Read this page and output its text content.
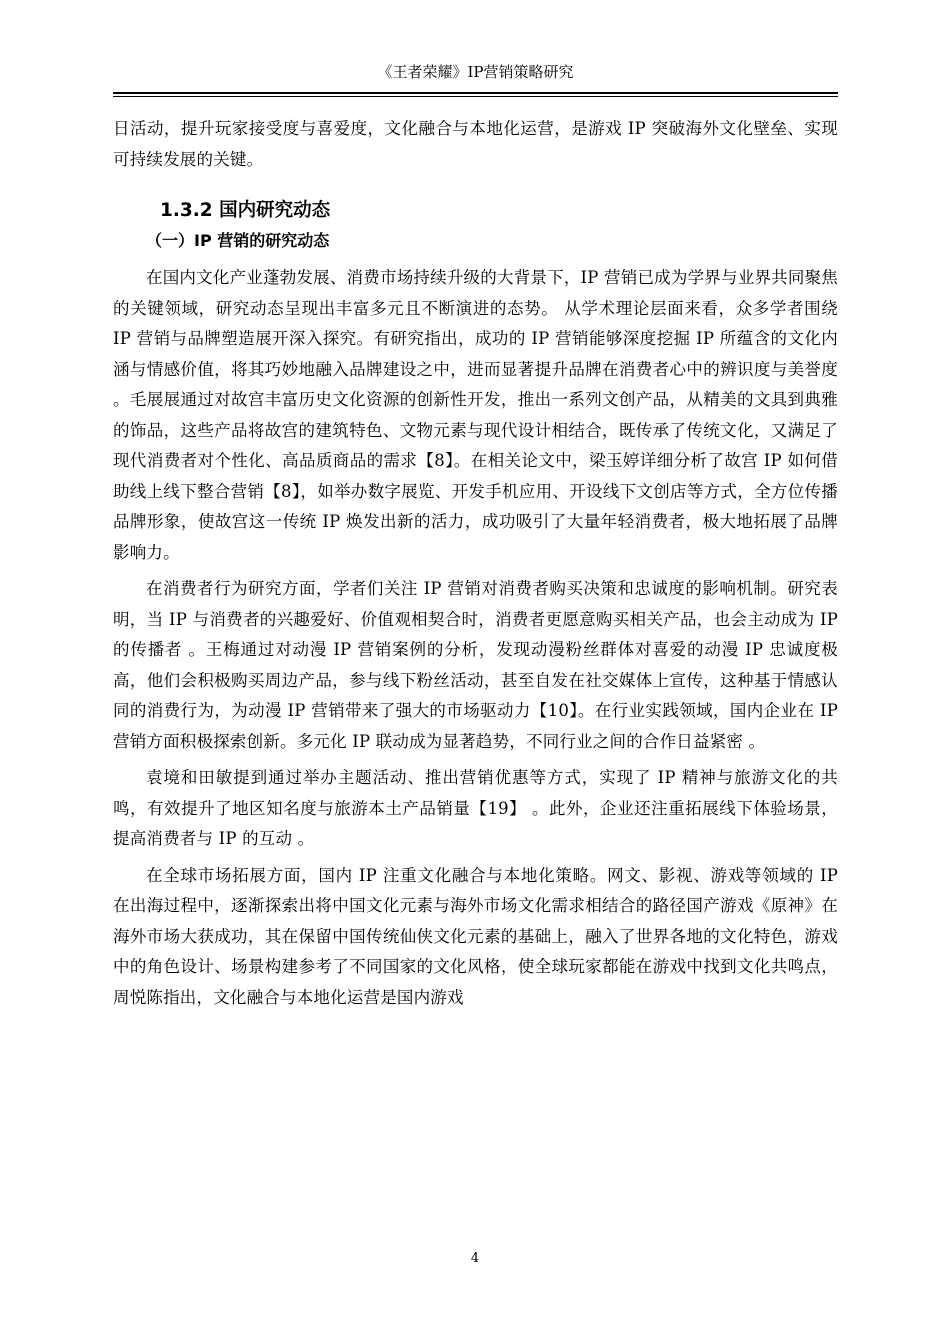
《王者荣耀》IP营销策略研究

日活动，提升玩家接受度与喜爱度，文化融合与本地化运营，是游戏 IP 突破海外文化壁垒、实现可持续发展的关键。

1.3.2 国内研究动态
（一）IP 营销的研究动态

在国内文化产业蓬勃发展、消费市场持续升级的大背景下，IP 营销已成为学界与业界共同聚焦的关键领域，研究动态呈现出丰富多元且不断演进的态势。 从学术理论层面来看，众多学者围绕 IP 营销与品牌塑造展开深入探究。有研究指出，成功的 IP 营销能够深度挖掘 IP 所蕴含的文化内涵与情感价值，将其巧妙地融入品牌建设之中，进而显著提升品牌在消费者心中的辨识度与美誉度 。毛展展通过对故宫丰富历史文化资源的创新性开发，推出一系列文创产品，从精美的文具到典雅的饰品，这些产品将故宫的建筑特色、文物元素与现代设计相结合，既传承了传统文化，又满足了现代消费者对个性化、高品质商品的需求【8】。在相关论文中，梁玉婷详细分析了故宫 IP 如何借助线上线下整合营销【8】，如举办数字展览、开发手机应用、开设线下文创店等方式，全方位传播品牌形象，使故宫这一传统 IP 焕发出新的活力，成功吸引了大量年轻消费者，极大地拓展了品牌影响力。

在消费者行为研究方面，学者们关注 IP 营销对消费者购买决策和忠诚度的影响机制。研究表明，当 IP 与消费者的兴趣爱好、价值观相契合时，消费者更愿意购买相关产品，也会主动成为 IP 的传播者 。王梅通过对动漫 IP 营销案例的分析，发现动漫粉丝群体对喜爱的动漫 IP 忠诚度极高，他们会积极购买周边产品，参与线下粉丝活动，甚至自发在社交媒体上宣传，这种基于情感认同的消费行为，为动漫 IP 营销带来了强大的市场驱动力【10】。在行业实践领域，国内企业在 IP 营销方面积极探索创新。多元化 IP 联动成为显著趋势，不同行业之间的合作日益紧密 。

袁境和田敏提到通过举办主题活动、推出营销优惠等方式，实现了 IP 精神与旅游文化的共鸣，有效提升了地区知名度与旅游本土产品销量【19】 。此外，企业还注重拓展线下体验场景，提高消费者与 IP 的互动 。

在全球市场拓展方面，国内 IP 注重文化融合与本地化策略。网文、影视、游戏等领域的 IP 在出海过程中，逐渐探索出将中国文化元素与海外市场文化需求相结合的路径国产游戏《原神》在海外市场大获成功，其在保留中国传统仙侠文化元素的基础上，融入了世界各地的文化特色，游戏中的角色设计、场景构建参考了不同国家的文化风格，使全球玩家都能在游戏中找到文化共鸣点，周悦陈指出，文化融合与本地化运营是国内游戏

4
